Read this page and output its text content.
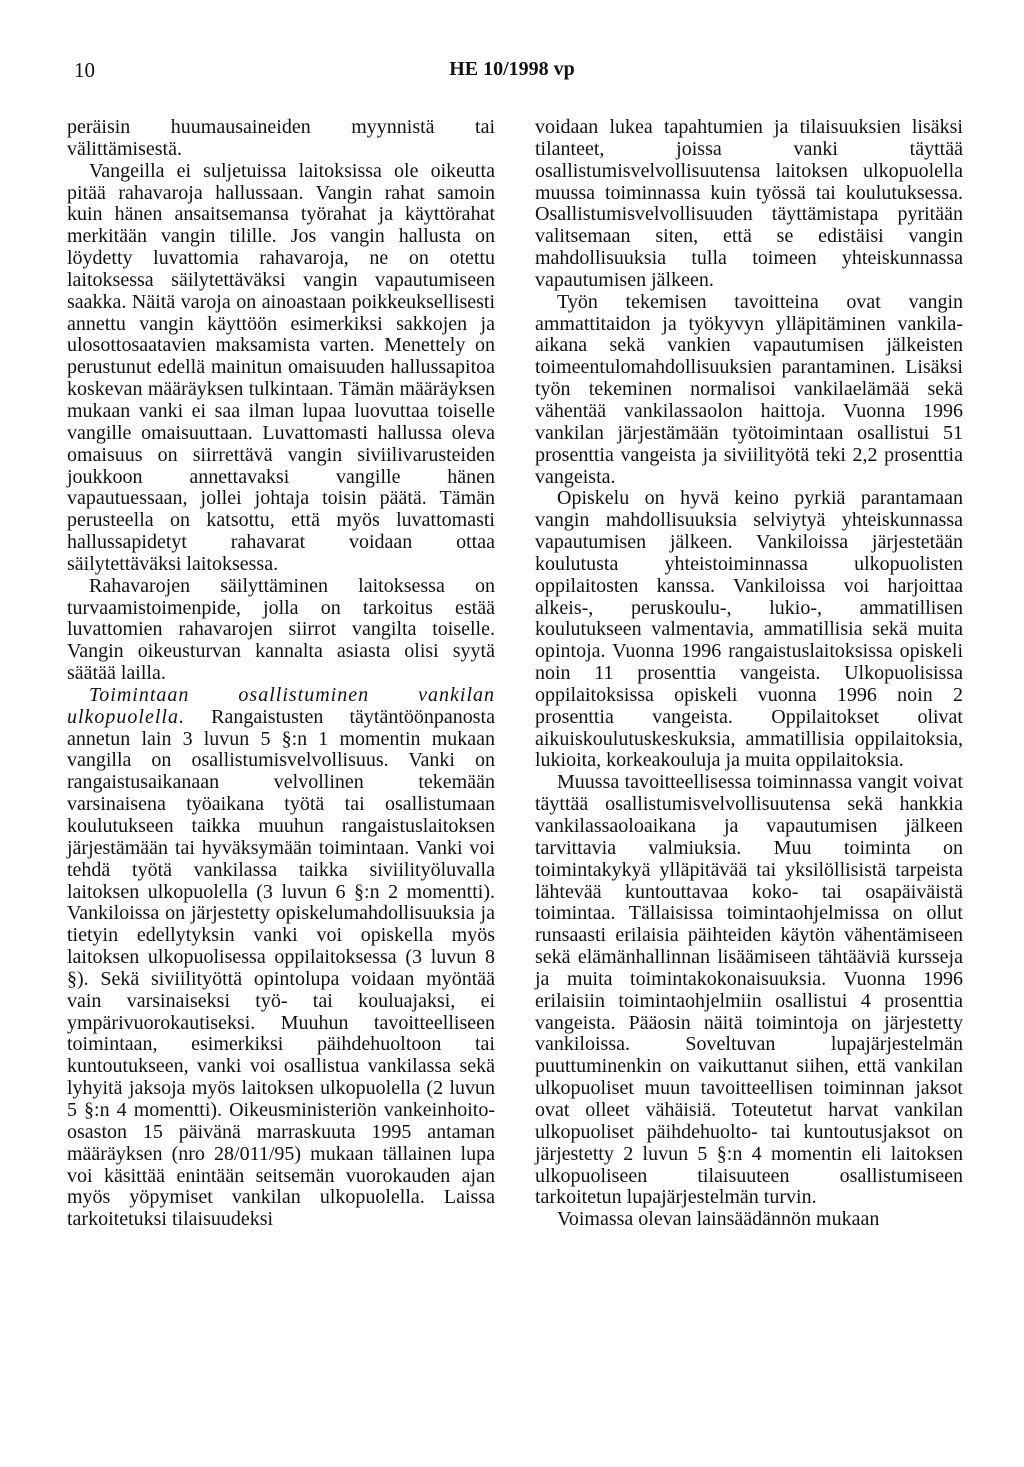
10	HE 10/1998 vp

peräisin huumausaineiden myynnistä tai välittämisestä.

Vangeilla ei suljetuissa laitoksissa ole oikeutta pitää rahavaroja hallussaan. Vangin rahat samoin kuin hänen ansaitsemansa työrahat ja käyttörahat merkitään vangin tilille. Jos vangin hallusta on löydetty luvattomia rahavaroja, ne on otettu laitoksessa säilytettäväksi vangin vapautumiseen saakka. Näitä varoja on ainoastaan poikkeuksellisesti annettu vangin käyttöön esimerkiksi sakkojen ja ulosottosaatavien maksamista varten. Menettely on perustunut edellä mainitun omaisuuden hallussapitoa koskevan määräyksen tulkintaan. Tämän määräyksen mukaan vanki ei saa ilman lupaa luovuttaa toiselle vangille omaisuuttaan. Luvattomasti hallussa oleva omaisuus on siirrettävä vangin siviilivarusteiden joukkoon annettavaksi vangille hänen vapautuessaan, jollei johtaja toisin päätä. Tämän perusteella on katsottu, että myös luvattomasti hallussapidetyt rahavarat voidaan ottaa säilytettäväksi laitoksessa.

Rahavarojen säilyttäminen laitoksessa on turvaamistoimenpide, jolla on tarkoitus estää luvattomien rahavarojen siirrot vangilta toiselle. Vangin oikeusturvan kannalta asiasta olisi syytä säätää lailla.

Toimintaan osallistuminen vankilan ulkopuolella. Rangaistusten täytäntöönpanosta annetun lain 3 luvun 5 §:n 1 momentin mukaan vangilla on osallistumisvelvollisuus. Vanki on rangaistusaikanaan velvollinen tekemään varsinaisena työaikana työtä tai osallistumaan koulutukseen taikka muuhun rangaistuslaitoksen järjestämään tai hyväksymään toimintaan. Vanki voi tehdä työtä vankilassa taikka siviilityöluvalla laitoksen ulkopuolella (3 luvun 6 §:n 2 momentti). Vankiloissa on järjestetty opiskelumahdollisuuksia ja tietyin edellytyksin vanki voi opiskella myös laitoksen ulkopuolisessa oppilaitoksessa (3 luvun 8 §). Sekä siviilityöttä opintolupa voidaan myöntää vain varsinaiseksi työ- tai kouluajaksi, ei ympärivuorokautiseksi. Muuhun tavoitteelliseen toimintaan, esimerkiksi päihdehuoltoon tai kuntoutukseen, vanki voi osallistua vankilassa sekä lyhyitä jaksoja myös laitoksen ulkopuolella (2 luvun 5 §:n 4 momentti). Oikeusministeriön vankeinhoito-osaston 15 päivänä marraskuuta 1995 antaman määräyksen (nro 28/011/95) mukaan tällainen lupa voi käsittää enintään seitsemän vuorokauden ajan myös yöpymiset vankilan ulkopuolella. Laissa tarkoitetuksi tilaisuudeksi

voidaan lukea tapahtumien ja tilaisuuksien lisäksi tilanteet, joissa vanki täyttää osallistumisvelvollisuutensa laitoksen ulkopuolella muussa toiminnassa kuin työssä tai koulutuksessa. Osallistumisvelvollisuuden täyttämistapa pyritään valitsemaan siten, että se edistäisi vangin mahdollisuuksia tulla toimeen yhteiskunnassa vapautumisen jälkeen.

Työn tekemisen tavoitteina ovat vangin ammattitaidon ja työkyvyn ylläpitäminen vankila-aikana sekä vankien vapautumisen jälkeisten toimeentulomahdollisuuksien parantaminen. Lisäksi työn tekeminen normalisoi vankilaelämää sekä vähentää vankilassaolon haittoja. Vuonna 1996 vankilan järjestämään työtoimintaan osallistui 51 prosenttia vangeista ja siviilityötä teki 2,2 prosenttia vangeista.

Opiskelu on hyvä keino pyrkiä parantamaan vangin mahdollisuuksia selviytyä yhteiskunnassa vapautumisen jälkeen. Vankiloissa järjestetään koulutusta yhteistoiminnassa ulkopuolisten oppilaitosten kanssa. Vankiloissa voi harjoittaa alkeis-, peruskoulu-, lukio-, ammatillisen koulutukseen valmentavia, ammatillisia sekä muita opintoja. Vuonna 1996 rangaistuslaitoksissa opiskeli noin 11 prosenttia vangeista. Ulkopuolisissa oppilaitoksissa opiskeli vuonna 1996 noin 2 prosenttia vangeista. Oppilaitokset olivat aikuiskoulutuskeskuksia, ammatillisia oppilaitoksia, lukioita, korkeakouluja ja muita oppilaitoksia.

Muussa tavoitteellisessa toiminnassa vangit voivat täyttää osallistumisvelvollisuutensa sekä hankkia vankilassaoloaikana ja vapautumisen jälkeen tarvittavia valmiuksia. Muu toiminta on toimintakykyä ylläpitävää tai yksilöllisistä tarpeista lähtevää kuntouttavaa koko- tai osapäiväistä toimintaa. Tällaisissa toimintaohjelmissa on ollut runsaasti erilaisia päihteiden käytön vähentämiseen sekä elämänhallinnan lisäämiseen tähtääviä kursseja ja muita toimintakokonaisuuksia. Vuonna 1996 erilaisiin toimintaohjelmiin osallistui 4 prosenttia vangeista. Pääosin näitä toimintoja on järjestetty vankiloissa. Soveltuvan lupajärjestelmän puuttuminenkin on vaikuttanut siihen, että vankilan ulkopuoliset muun tavoitteellisen toiminnan jaksot ovat olleet vähäisiä. Toteutetut harvat vankilan ulkopuoliset päihdehuolto- tai kuntoutusjaksot on järjestetty 2 luvun 5 §:n 4 momentin eli laitoksen ulkopuoliseen tilaisuuteen osallistumiseen tarkoitetun lupajärjestelmän turvin.

Voimassa olevan lainsäädännön mukaan
